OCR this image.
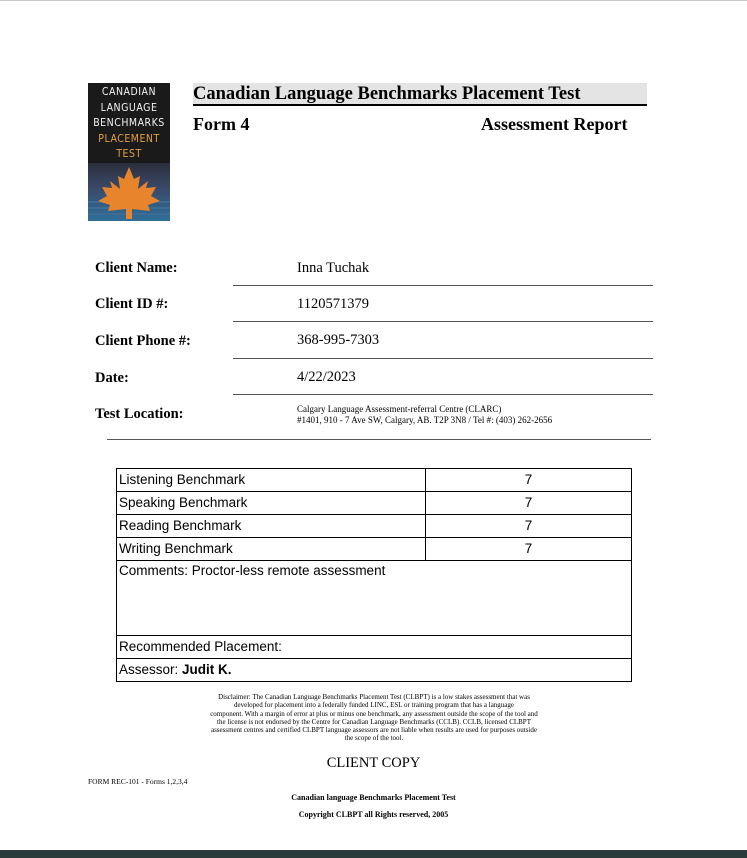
CANADIAN
LANGUAGE
BENCHMARKS
PLACEMENT
TEST
Canadian Language Benchmarks Placement Test
Form 4	Assessment Report
Client Name:	Inna Tuchak
Client ID #:	1120571379
Client Phone #:	368-995-7303
Date:	4/22/2023
Test Location:	Calgary Language Assessment-referral Centre (CLARC)
#1401, 910 - 7 Ave SW, Calgary, AB. T2P 3N8 / Tel #: (403) 262-2656
Listening Benchmark	7
Speaking Benchmark	7
Reading Benchmark	7
Writing Benchmark	7
Comments: Proctor-less remote assessment	
Recommended Placement:	
Assessor: Judit K.	
Disclaimer: The Canadian Language Benchmarks Placement Test (CLBPT) is a low stakes assessment that was
developed for placement into a federally funded LINC, ESL or training program that has a language
component. With a margin of error at plus or minus one benchmark, any assessment outside the scope of the tool and
the license is not endorsed by the Centre for Canadian Language Benchmarks (CCLB). CCLB, licensed CLBPT
assessment centres and certified CLBPT language assessors are not liable when results are used for purposes outside
the scope of the tool.
CLIENT COPY
FORM REC-101 - Forms 1,2,3,4
Canadian language Benchmarks Placement Test
Copyright CLBPT all Rights reserved, 2005
